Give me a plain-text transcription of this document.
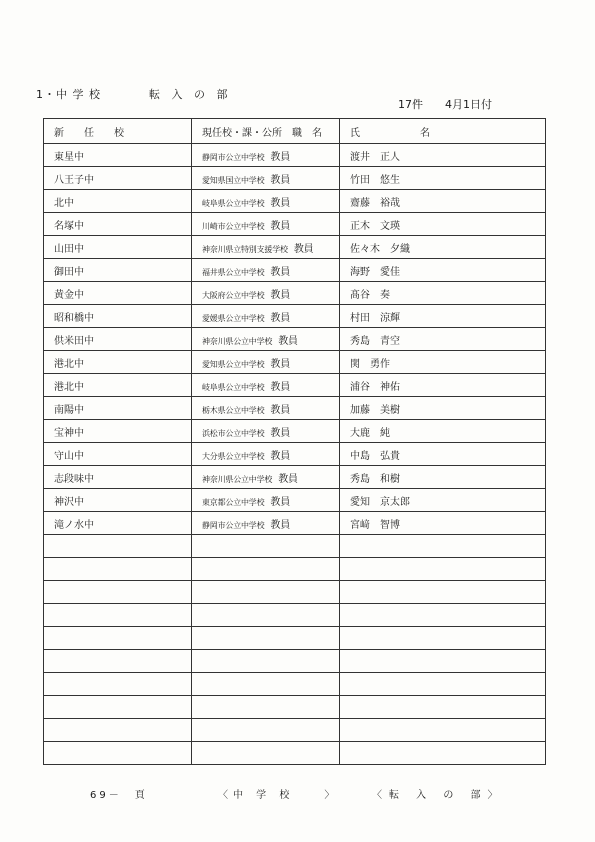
1・中 学 校	転 入 の 部
17件 4月1日付
新　　任　　校	現任校・課・公所　職　名	氏　　　　　　名
東星中	静岡市公立中学校 教員	渡井　正人
八王子中	愛知県国立中学校 教員	竹田　悠生
北中	岐阜県公立中学校 教員	齋藤　裕哉
名塚中	川崎市公立中学校 教員	正木　文瑛
山田中	神奈川県立特別支援学校 教員	佐々木　夕織
御田中	福井県公立中学校 教員	海野　愛佳
黄金中	大阪府公立中学校 教員	髙谷　奏
昭和橋中	愛媛県公立中学校 教員	村田　涼輝
供米田中	神奈川県公立中学校 教員	秀島　青空
港北中	愛知県公立中学校 教員	関　勇作
港北中	岐阜県公立中学校 教員	浦谷　神佑
南陽中	栃木県公立中学校 教員	加藤　美樹
宝神中	浜松市公立中学校 教員	大鹿　純
守山中	大分県公立中学校 教員	中島　弘貴
志段味中	神奈川県公立中学校 教員	秀島　和樹
神沢中	東京都公立中学校 教員	愛知　京太郎
滝ノ水中	静岡市公立中学校 教員	宮﨑　智博

69－　頁	〈中 学 校　　〉	〈転 入 の 部〉
